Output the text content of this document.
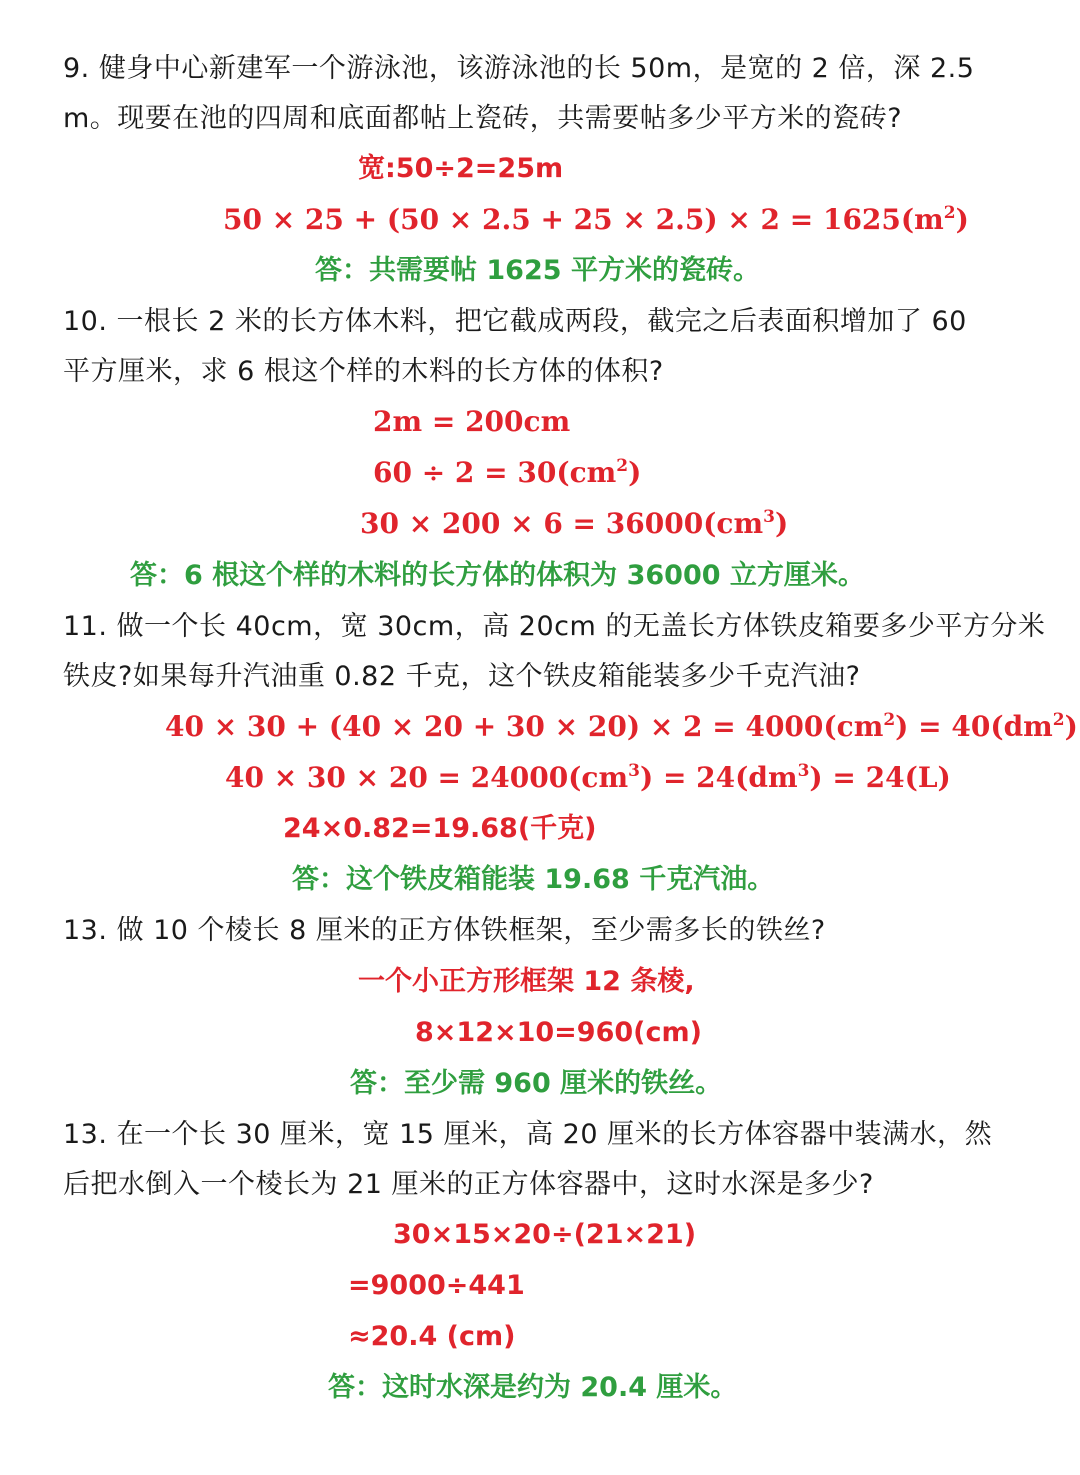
9. 健身中心新建军一个游泳池，该游泳池的长 50m，是宽的 2 倍，深 2.5
m。现要在池的四周和底面都帖上瓷砖，共需要帖多少平方米的瓷砖?
宽:50÷2=25m
$50 \times 25 + (50 \times 2.5 + 25 \times 2.5) \times 2 = 1625(m^2)$
答：共需要帖 1625 平方米的瓷砖。
10. 一根长 2 米的长方体木料，把它截成两段，截完之后表面积增加了 60
平方厘米，求 6 根这个样的木料的长方体的体积?
2m = 200cm
$60 \div 2 = 30(cm^2)$
$30 \times 200 \times 6 = 36000(cm^3)$
答：6 根这个样的木料的长方体的体积为 36000 立方厘米。
11. 做一个长 40cm，宽 30cm，高 20cm 的无盖长方体铁皮箱要多少平方分米
铁皮?如果每升汽油重 0.82 千克，这个铁皮箱能装多少千克汽油?
$40 \times 30 + (40 \times 20 + 30 \times 20) \times 2 = 4000(cm^2) = 40(dm^2)$
$40 \times 30 \times 20 = 24000(cm^3) = 24(dm^3) = 24(L)$
24×0.82=19.68(千克)
答：这个铁皮箱能装 19.68 千克汽油。
13. 做 10 个棱长 8 厘米的正方体铁框架，至少需多长的铁丝?
一个小正方形框架 12 条棱,
8×12×10=960(cm)
答：至少需 960 厘米的铁丝。
13. 在一个长 30 厘米，宽 15 厘米，高 20 厘米的长方体容器中装满水，然
后把水倒入一个棱长为 21 厘米的正方体容器中，这时水深是多少?
30×15×20÷(21×21)
=9000÷441
≈20.4 (cm)
答：这时水深是约为 20.4 厘米。
